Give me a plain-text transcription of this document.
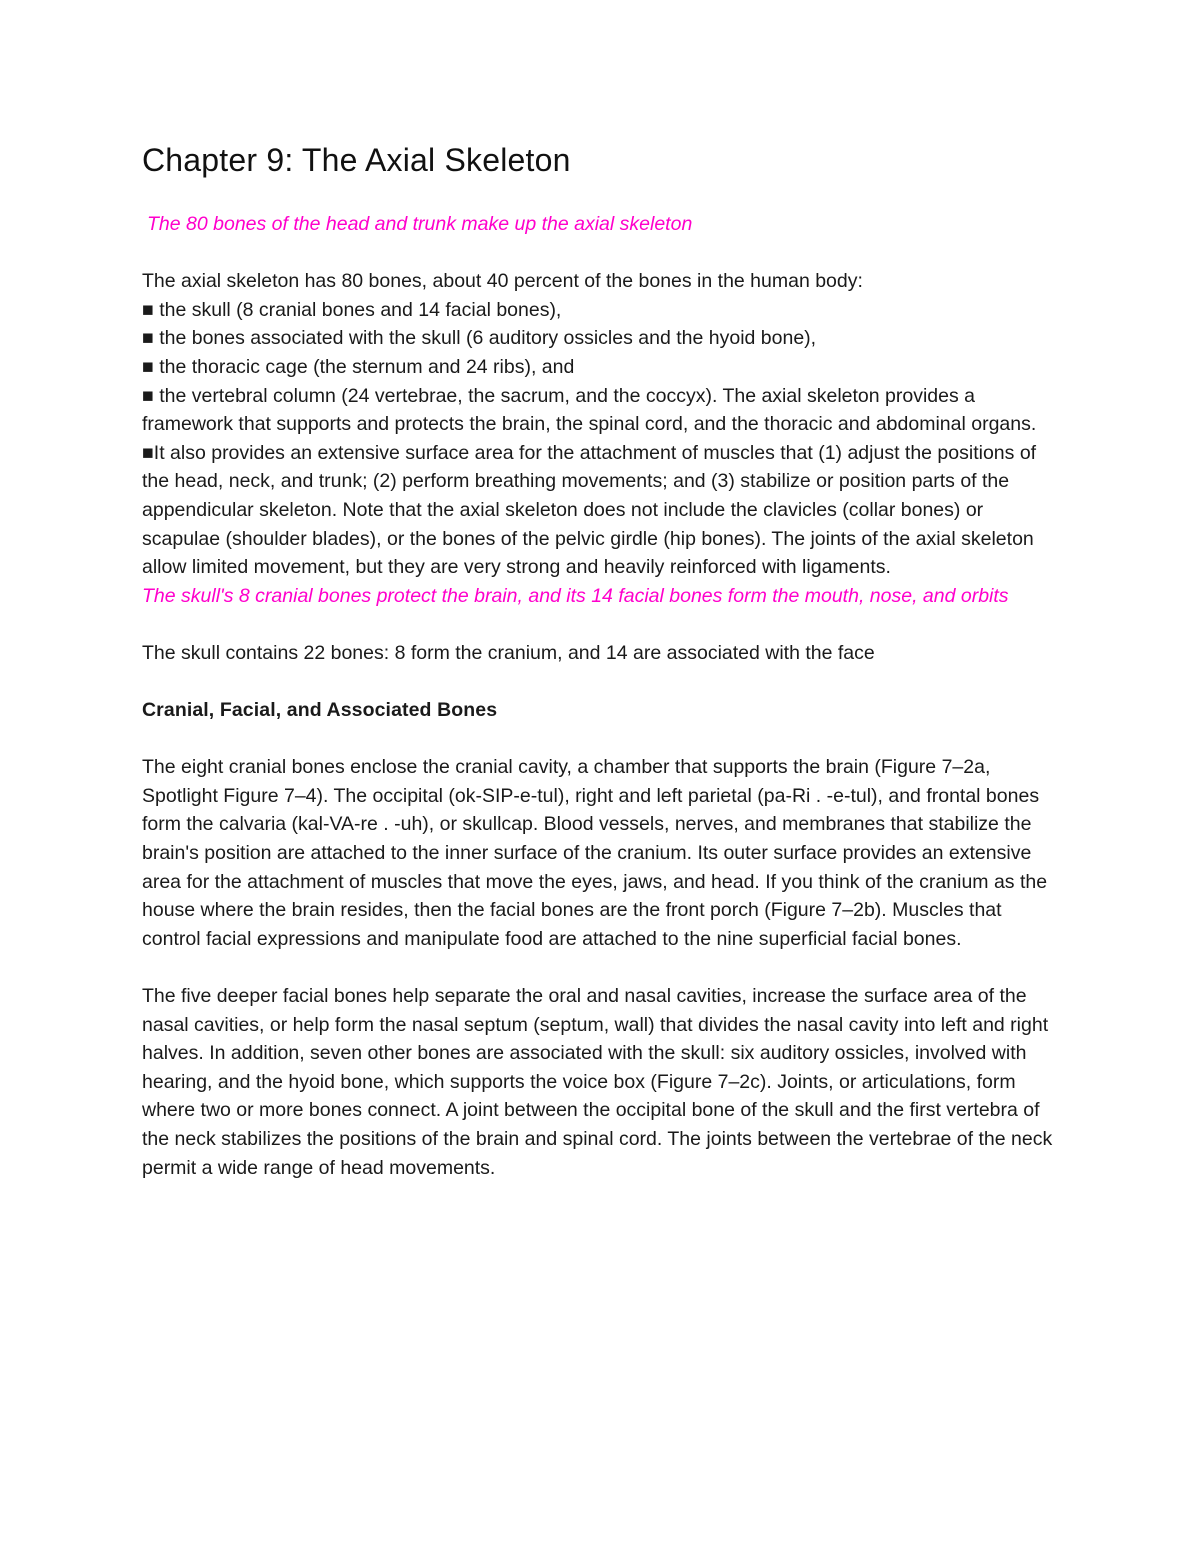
Chapter 9: The Axial Skeleton

The 80 bones of the head and trunk make up the axial skeleton

The axial skeleton has 80 bones, about 40 percent of the bones in the human body:

■ the skull (8 cranial bones and 14 facial bones),

■ the bones associated with the skull (6 auditory ossicles and the hyoid bone),

■ the thoracic cage (the sternum and 24 ribs), and

■ the vertebral column (24 vertebrae, the sacrum, and the coccyx). The axial skeleton provides a framework that supports and protects the brain, the spinal cord, and the thoracic and abdominal organs.

■It also provides an extensive surface area for the attachment of muscles that (1) adjust the positions of the head, neck, and trunk; (2) perform breathing movements; and (3) stabilize or position parts of the appendicular skeleton. Note that the axial skeleton does not include the clavicles (collar bones) or scapulae (shoulder blades), or the bones of the pelvic girdle (hip bones). The joints of the axial skeleton allow limited movement, but they are very strong and heavily reinforced with ligaments.

The skull's 8 cranial bones protect the brain, and its 14 facial bones form the mouth, nose, and orbits

The skull contains 22 bones: 8 form the cranium, and 14 are associated with the face

Cranial, Facial, and Associated Bones

The eight cranial bones enclose the cranial cavity, a chamber that supports the brain (Figure 7–2a, Spotlight Figure 7–4). The occipital (ok-SIP-e-tul), right and left parietal (pa-Ri . -e-tul), and frontal bones form the calvaria (kal-VA-re . -uh), or skullcap. Blood vessels, nerves, and membranes that stabilize the brain's position are attached to the inner surface of the cranium. Its outer surface provides an extensive area for the attachment of muscles that move the eyes, jaws, and head. If you think of the cranium as the house where the brain resides, then the facial bones are the front porch (Figure 7–2b). Muscles that control facial expressions and manipulate food are attached to the nine superficial facial bones.

The five deeper facial bones help separate the oral and nasal cavities, increase the surface area of the nasal cavities, or help form the nasal septum (septum, wall) that divides the nasal cavity into left and right halves. In addition, seven other bones are associated with the skull: six auditory ossicles, involved with hearing, and the hyoid bone, which supports the voice box (Figure 7–2c). Joints, or articulations, form where two or more bones connect. A joint between the occipital bone of the skull and the first vertebra of the neck stabilizes the positions of the brain and spinal cord. The joints between the vertebrae of the neck permit a wide range of head movements.
